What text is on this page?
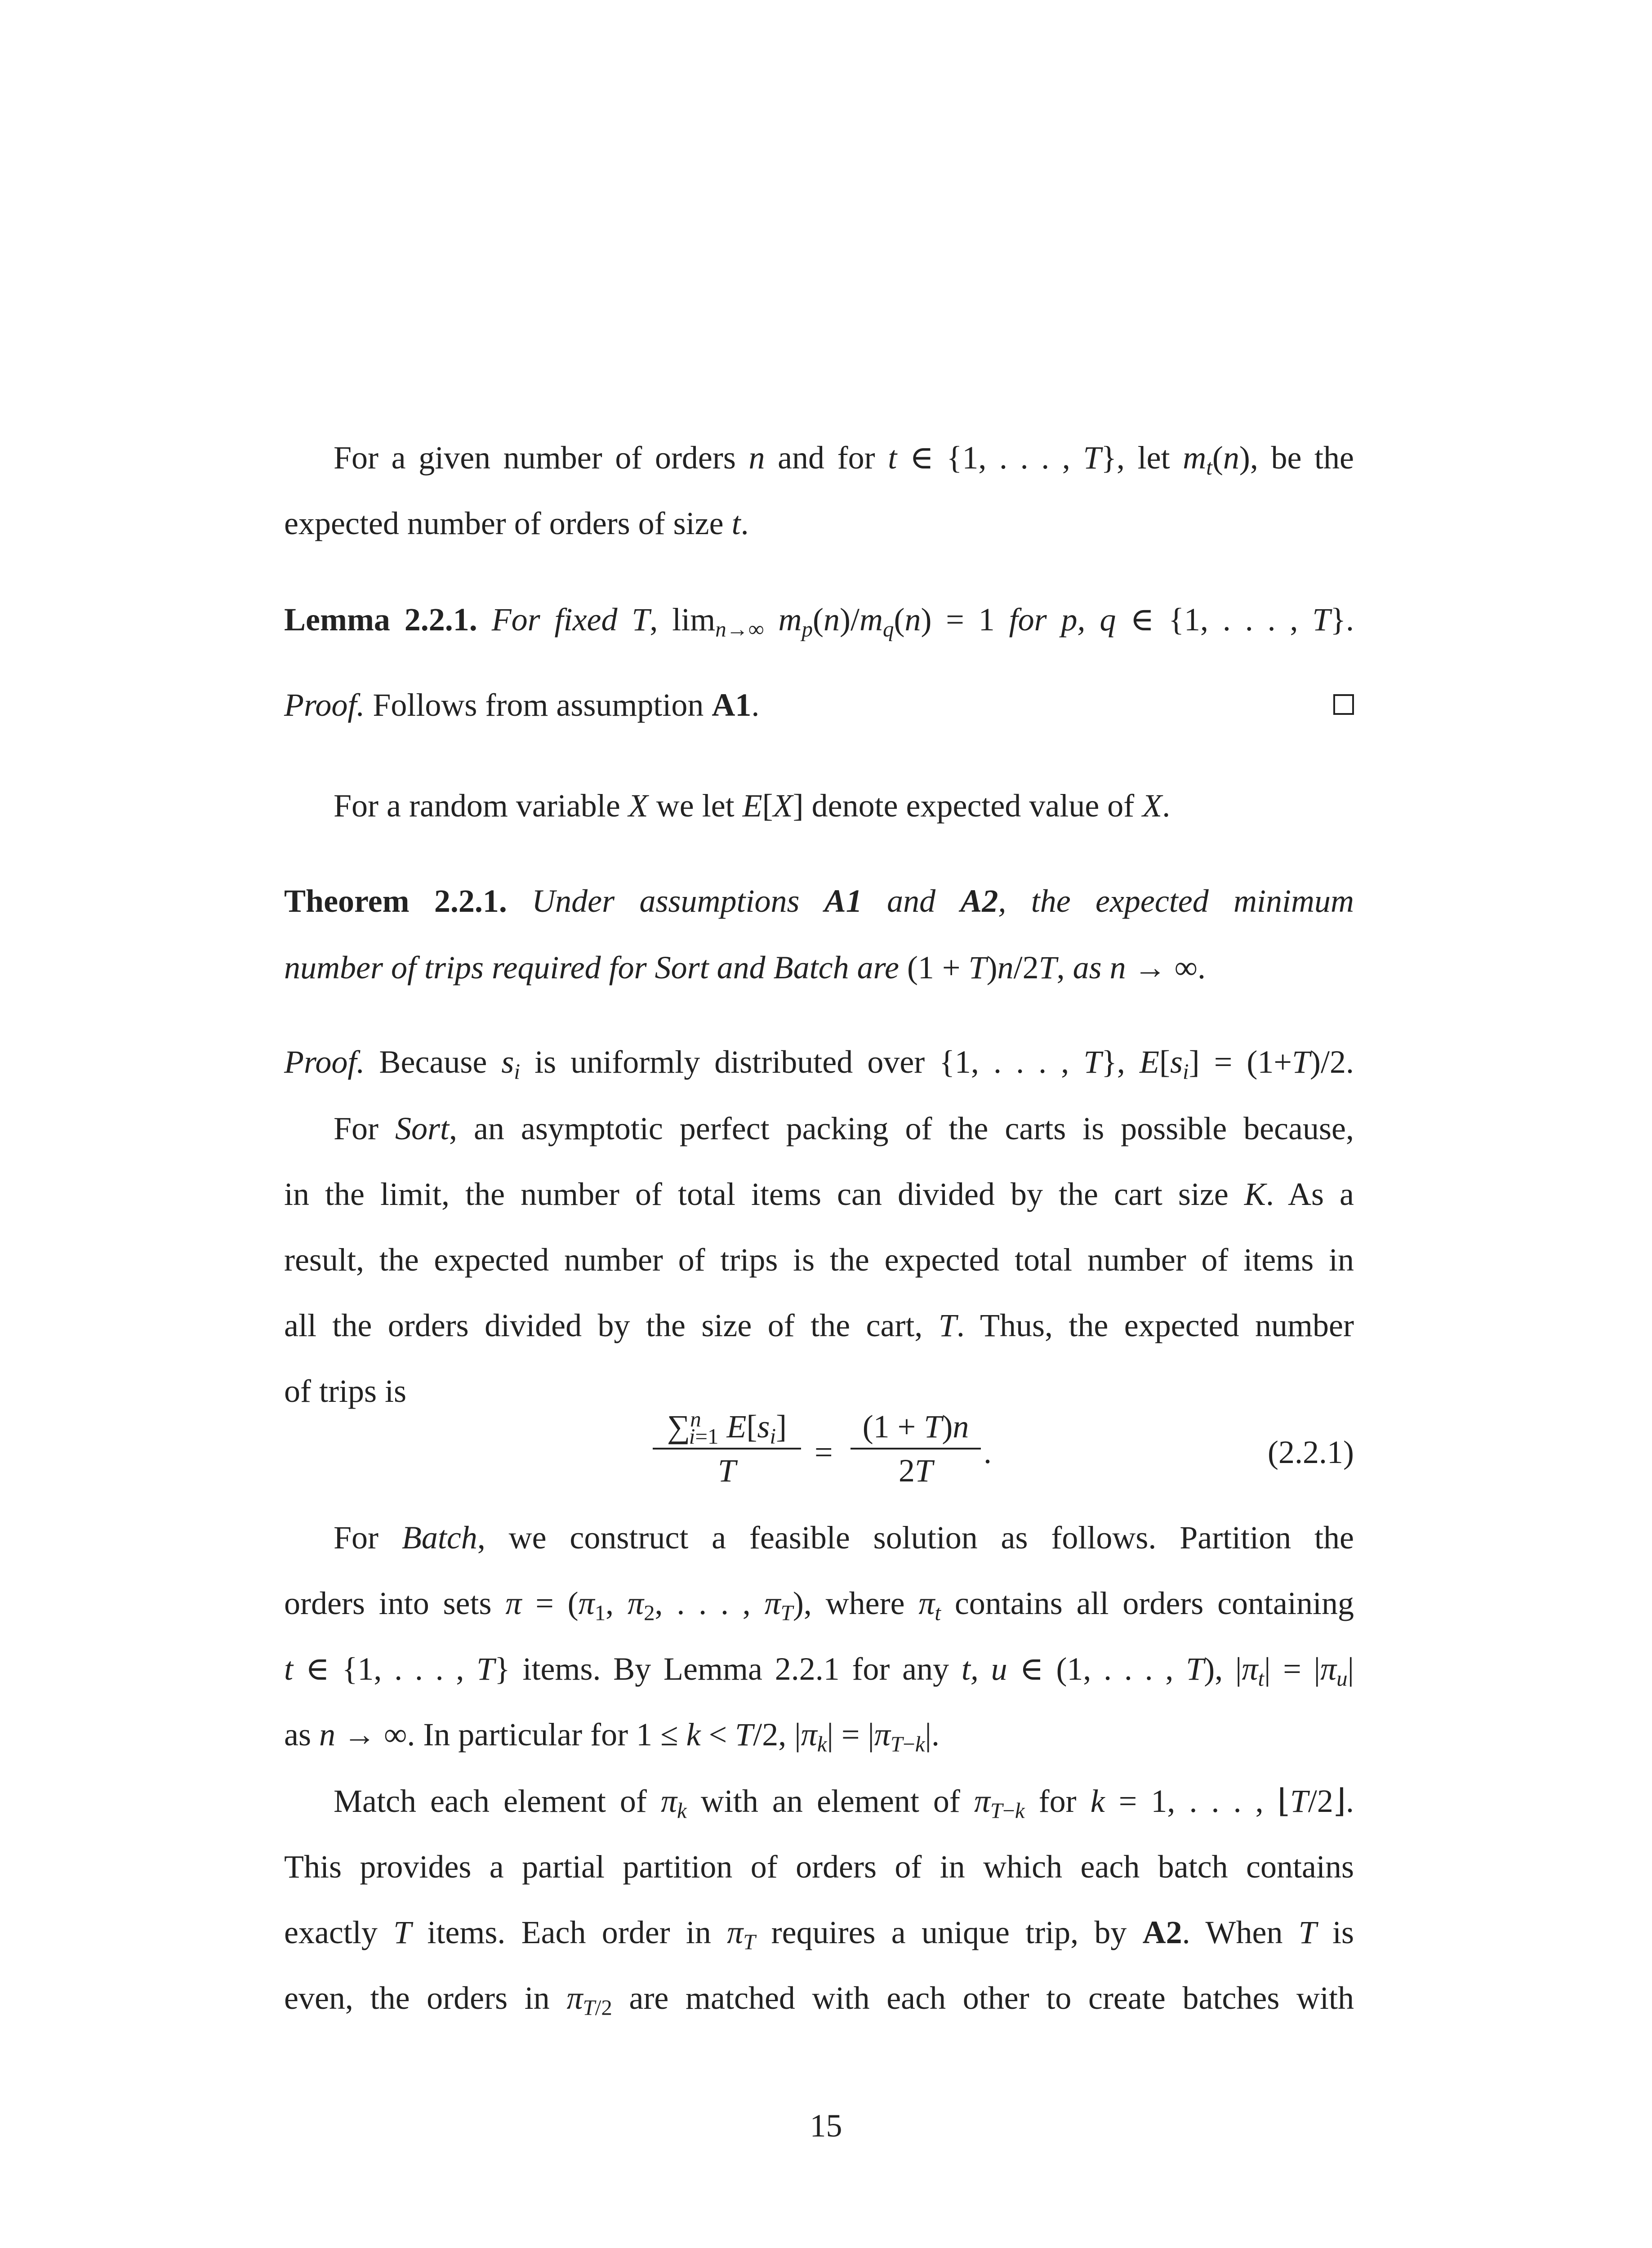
For a given number of orders n and for t ∈ {1, . . . , T}, let $m_t(n)$, be the
expected number of orders of size t.
Lemma 2.2.1. For fixed T, $\lim_{n\to\infty} m_p(n)/m_q(n) = 1$ for p, q ∈ {1, . . . , T}.
Proof. Follows from assumption A1.
For a random variable X we let E[X] denote expected value of X.
Theorem 2.2.1. Under assumptions A1 and A2, the expected minimum
number of trips required for Sort and Batch are (1 + T)n/2T, as n → ∞.
Proof. Because $s_i$ is uniformly distributed over {1, . . . , T}, $E[s_i] = (1+T)/2$.
For Sort, an asymptotic perfect packing of the carts is possible because,
in the limit, the number of total items can divided by the cart size K. As a
result, the expected number of trips is the expected total number of items in
all the orders divided by the size of the cart, T. Thus, the expected number
of trips is
∑$^n_{i=1}$ $E[s_i]$
T
=
(1 + T)n
2T
.	(2.2.1)
For Batch, we construct a feasible solution as follows. Partition the
orders into sets $\pi = (\pi_1$, $\pi_2$, . . . , $\pi_T$), where $\pi_t$ contains all orders containing
t ∈ {1, . . . , T} items. By Lemma 2.2.1 for any t, u ∈ (1, . . . , T), $|\pi_t| = |\pi_u|$
as n → ∞. In particular for 1 ≤ k < T/2, $|\pi_k| = |\pi_{T-k}|$.
Match each element of $\pi_k$ with an element of $\pi_{T-k}$ for k = 1, . . . , ⌊T/2⌋.
This provides a partial partition of orders of in which each batch contains
exactly T items. Each order in $\pi_T$ requires a unique trip, by A2. When T is
even, the orders in $\pi_{T/2}$ are matched with each other to create batches with
15
